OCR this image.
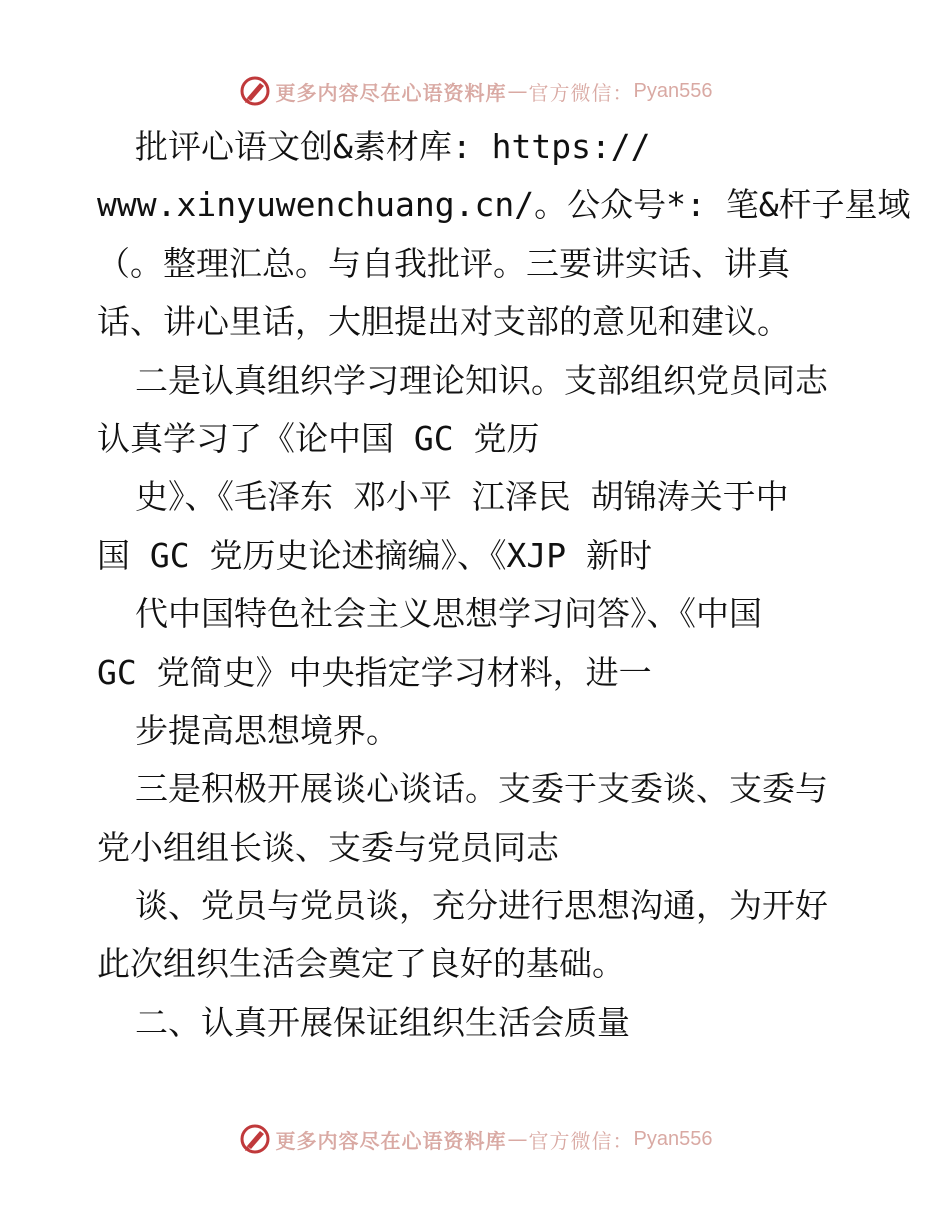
更多内容尽在心语资料库 — 官方微信： Pyan556
批评心语文创&素材库: https://
www.xinyuwenchuang.cn/。公众号*: 笔&杆子星域
（。整理汇总。与自我批评。三要讲实话、讲真
话、讲心里话，大胆提出对支部的意见和建议。
二是认真组织学习理论知识。支部组织党员同志
认真学习了《论中国 GC 党历
史》、《毛泽东 邓小平 江泽民 胡锦涛关于中
国 GC 党历史论述摘编》、《XJP 新时
代中国特色社会主义思想学习问答》、《中国
GC 党简史》中央指定学习材料，进一
步提高思想境界。
三是积极开展谈心谈话。支委于支委谈、支委与
党小组组长谈、支委与党员同志
谈、党员与党员谈，充分进行思想沟通，为开好
此次组织生活会奠定了良好的基础。
二、认真开展保证组织生活会质量
更多内容尽在心语资料库 — 官方微信： Pyan556
